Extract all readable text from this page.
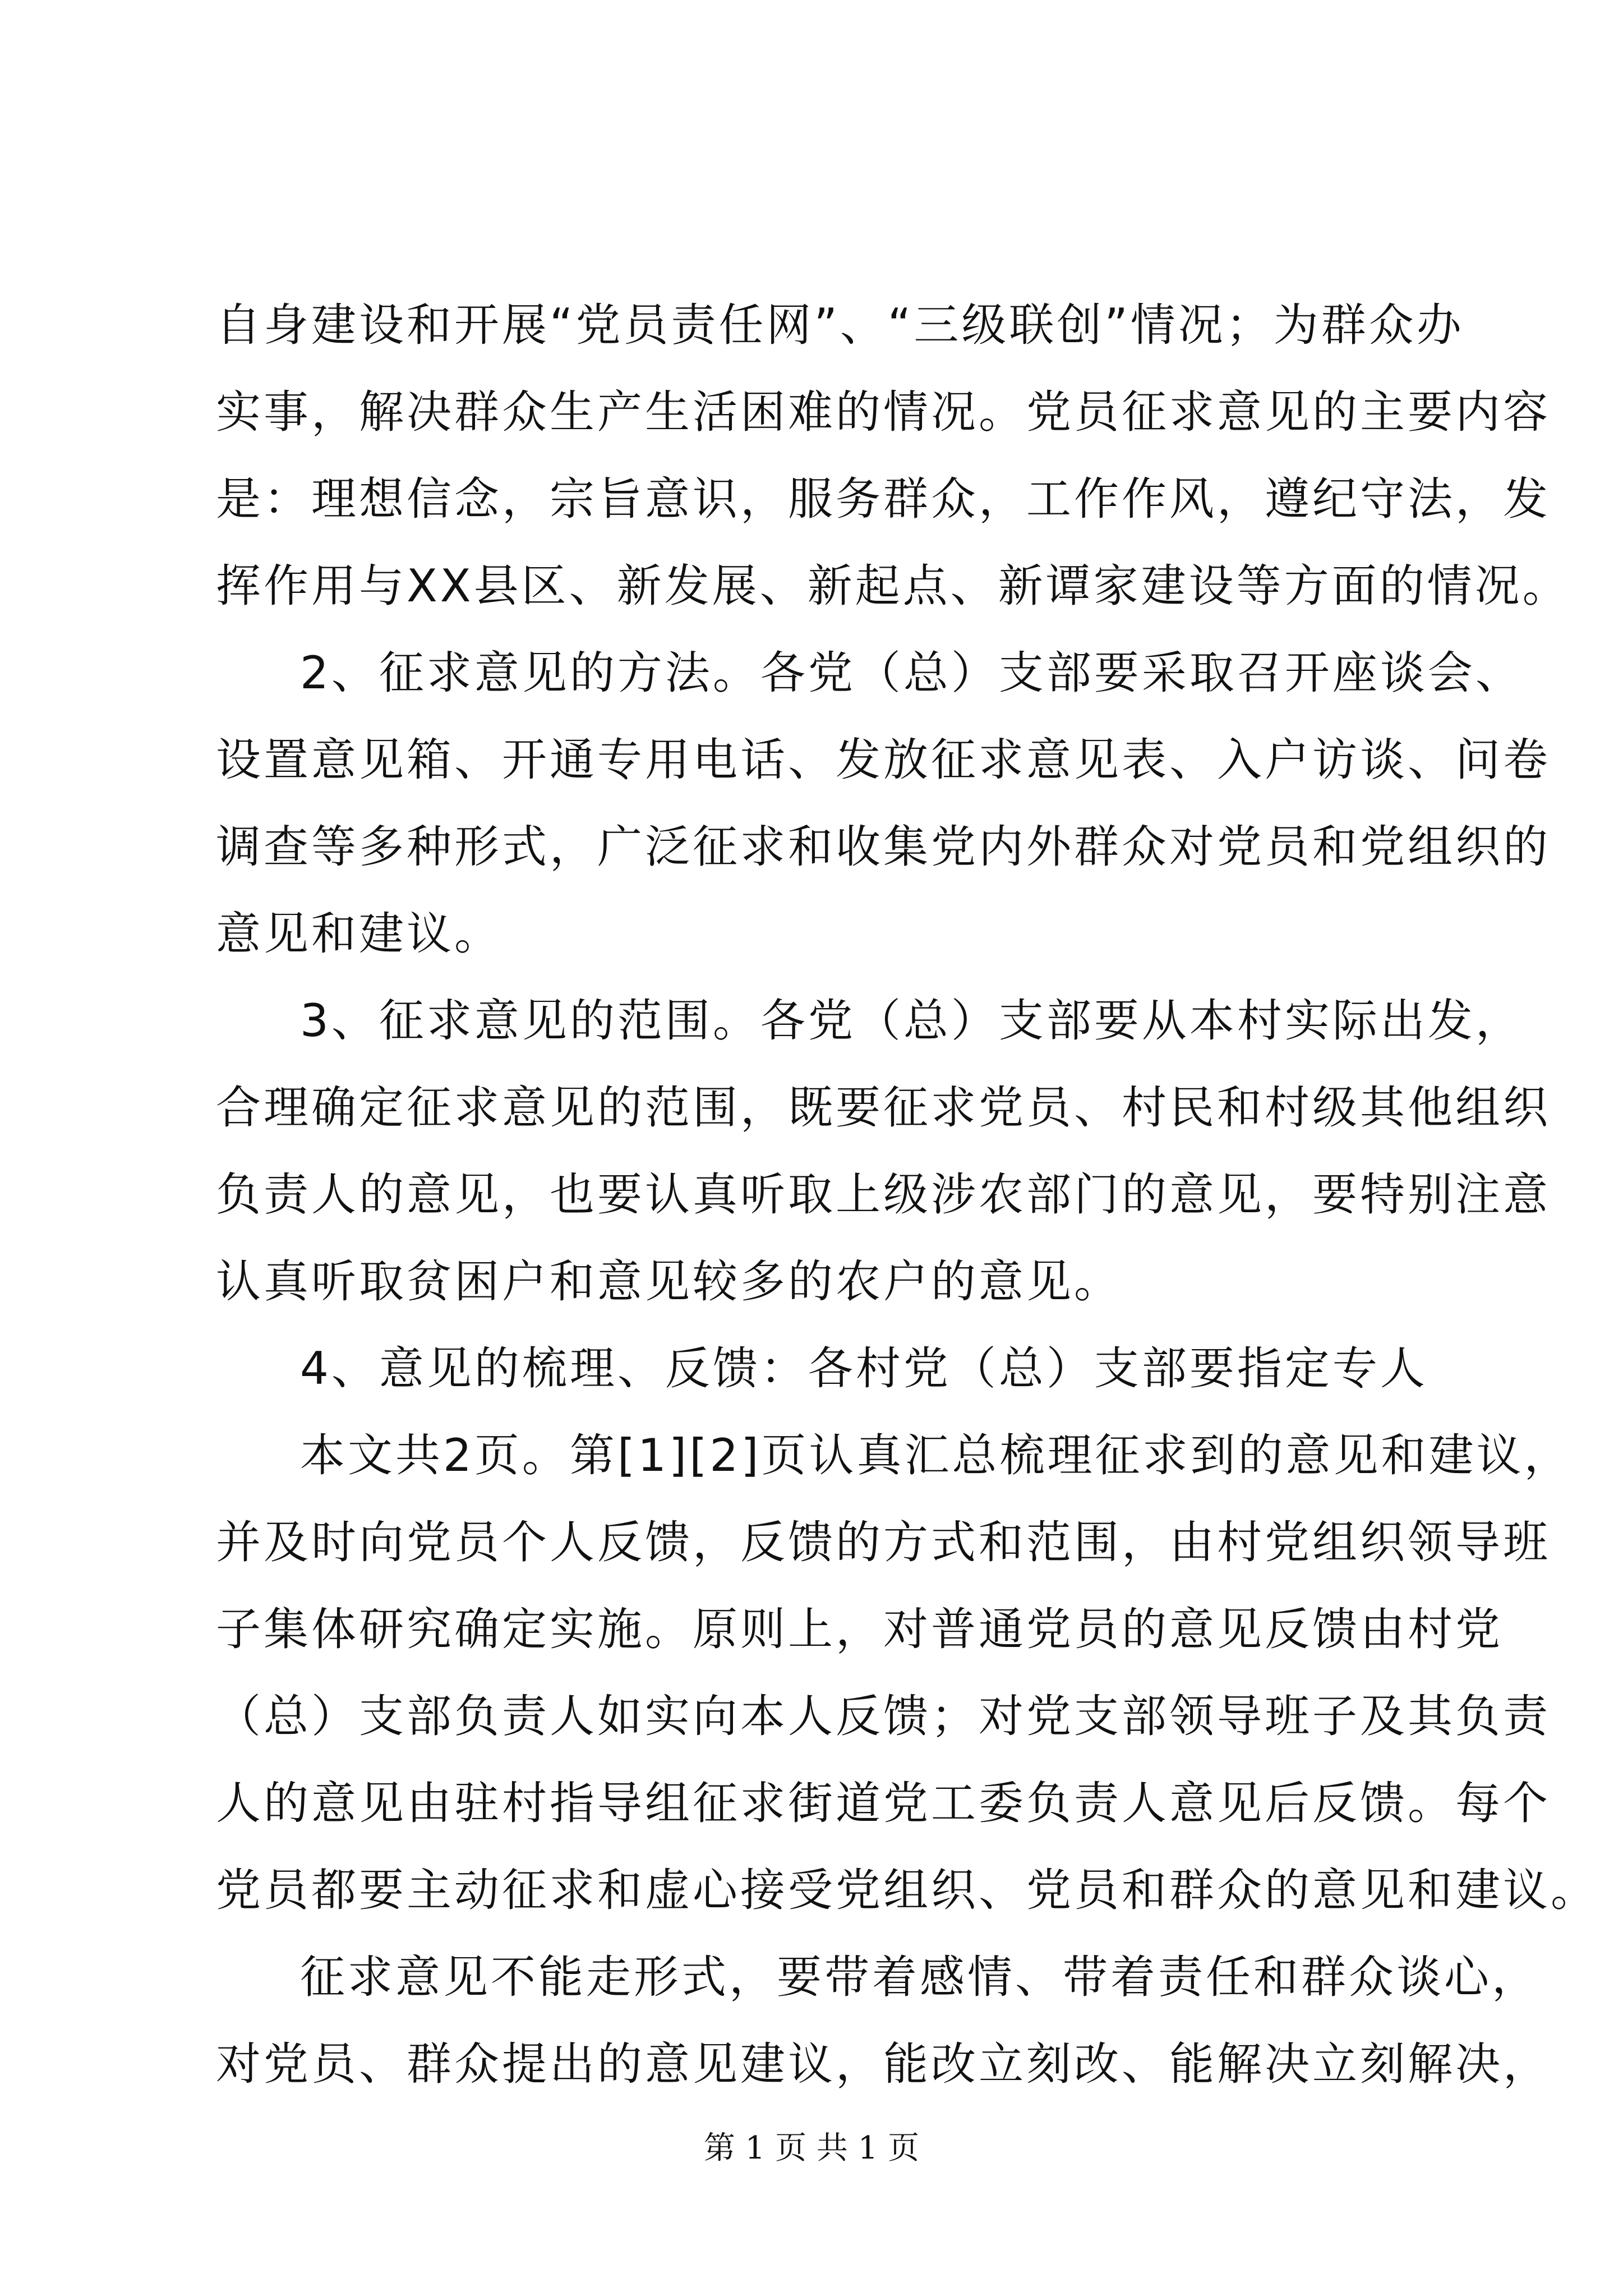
自身建设和开展“党员责任网”、“三级联创”情况；为群众办
实事，解决群众生产生活困难的情况。党员征求意见的主要内容
是：理想信念，宗旨意识，服务群众，工作作风，遵纪守法，发
挥作用与XX县区、新发展、新起点、新谭家建设等方面的情况。
2、征求意见的方法。各党（总）支部要采取召开座谈会、
设置意见箱、开通专用电话、发放征求意见表、入户访谈、问卷
调查等多种形式，广泛征求和收集党内外群众对党员和党组织的
意见和建议。
3、征求意见的范围。各党（总）支部要从本村实际出发，
合理确定征求意见的范围，既要征求党员、村民和村级其他组织
负责人的意见，也要认真听取上级涉农部门的意见，要特别注意
认真听取贫困户和意见较多的农户的意见。
4、意见的梳理、反馈：各村党（总）支部要指定专人
本文共2页。第[1][2]页认真汇总梳理征求到的意见和建议，
并及时向党员个人反馈，反馈的方式和范围，由村党组织领导班
子集体研究确定实施。原则上，对普通党员的意见反馈由村党
（总）支部负责人如实向本人反馈；对党支部领导班子及其负责
人的意见由驻村指导组征求街道党工委负责人意见后反馈。每个
党员都要主动征求和虚心接受党组织、党员和群众的意见和建议。
征求意见不能走形式，要带着感情、带着责任和群众谈心，
对党员、群众提出的意见建议，能改立刻改、能解决立刻解决，
第 1 页 共 1 页
